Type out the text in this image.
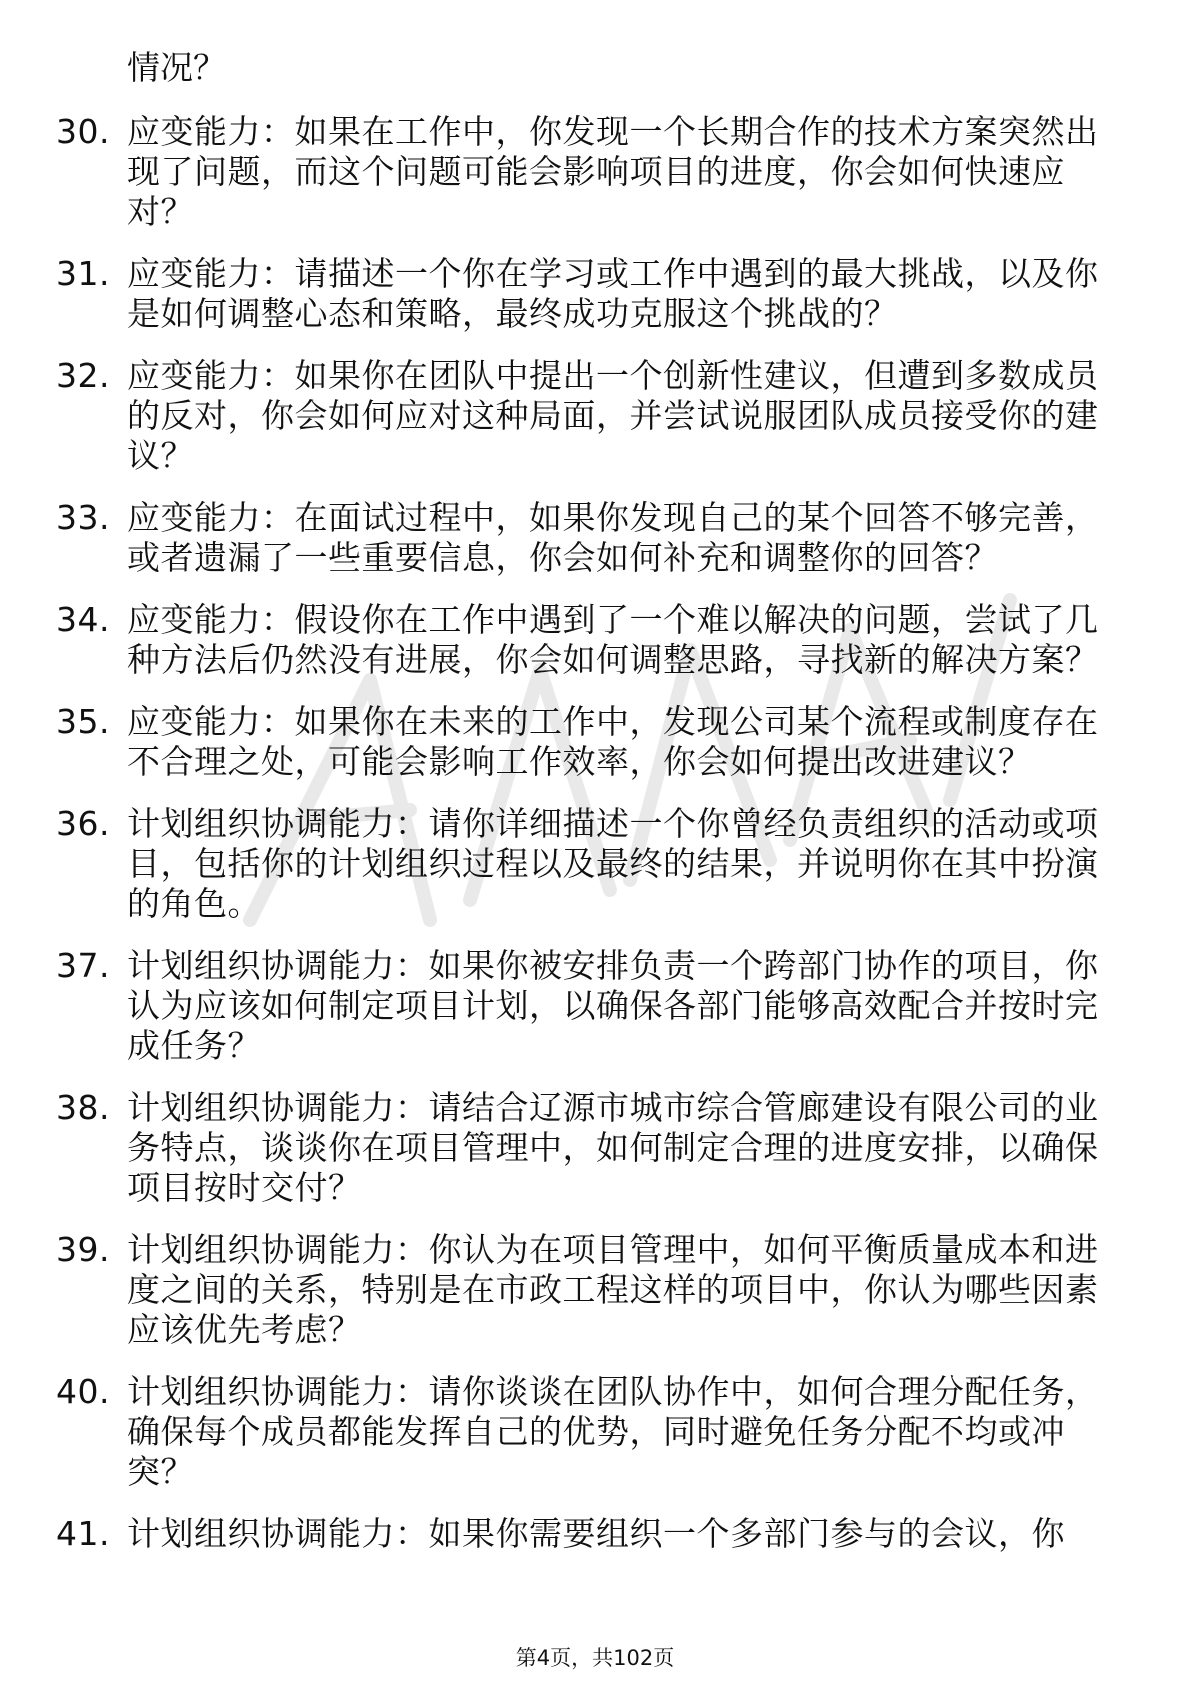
情况？
30. 应变能力：如果在工作中，你发现一个长期合作的技术方案突然出现了问题，而这个问题可能会影响项目的进度，你会如何快速应对？
31. 应变能力：请描述一个你在学习或工作中遇到的最大挑战，以及你是如何调整心态和策略，最终成功克服这个挑战的？
32. 应变能力：如果你在团队中提出一个创新性建议，但遭到多数成员的反对，你会如何应对这种局面，并尝试说服团队成员接受你的建议？
33. 应变能力：在面试过程中，如果你发现自己的某个回答不够完善，或者遗漏了一些重要信息，你会如何补充和调整你的回答？
34. 应变能力：假设你在工作中遇到了一个难以解决的问题，尝试了几种方法后仍然没有进展，你会如何调整思路，寻找新的解决方案？
35. 应变能力：如果你在未来的工作中，发现公司某个流程或制度存在不合理之处，可能会影响工作效率，你会如何提出改进建议？
36. 计划组织协调能力：请你详细描述一个你曾经负责组织的活动或项目，包括你的计划组织过程以及最终的结果，并说明你在其中扮演的角色。
37. 计划组织协调能力：如果你被安排负责一个跨部门协作的项目，你认为应该如何制定项目计划，以确保各部门能够高效配合并按时完成任务？
38. 计划组织协调能力：请结合辽源市城市综合管廊建设有限公司的业务特点，谈谈你在项目管理中，如何制定合理的进度安排，以确保项目按时交付？
39. 计划组织协调能力：你认为在项目管理中，如何平衡质量成本和进度之间的关系，特别是在市政工程这样的项目中，你认为哪些因素应该优先考虑？
40. 计划组织协调能力：请你谈谈在团队协作中，如何合理分配任务，确保每个成员都能发挥自己的优势，同时避免任务分配不均或冲突？
41. 计划组织协调能力：如果你需要组织一个多部门参与的会议，你
第4页，共102页
